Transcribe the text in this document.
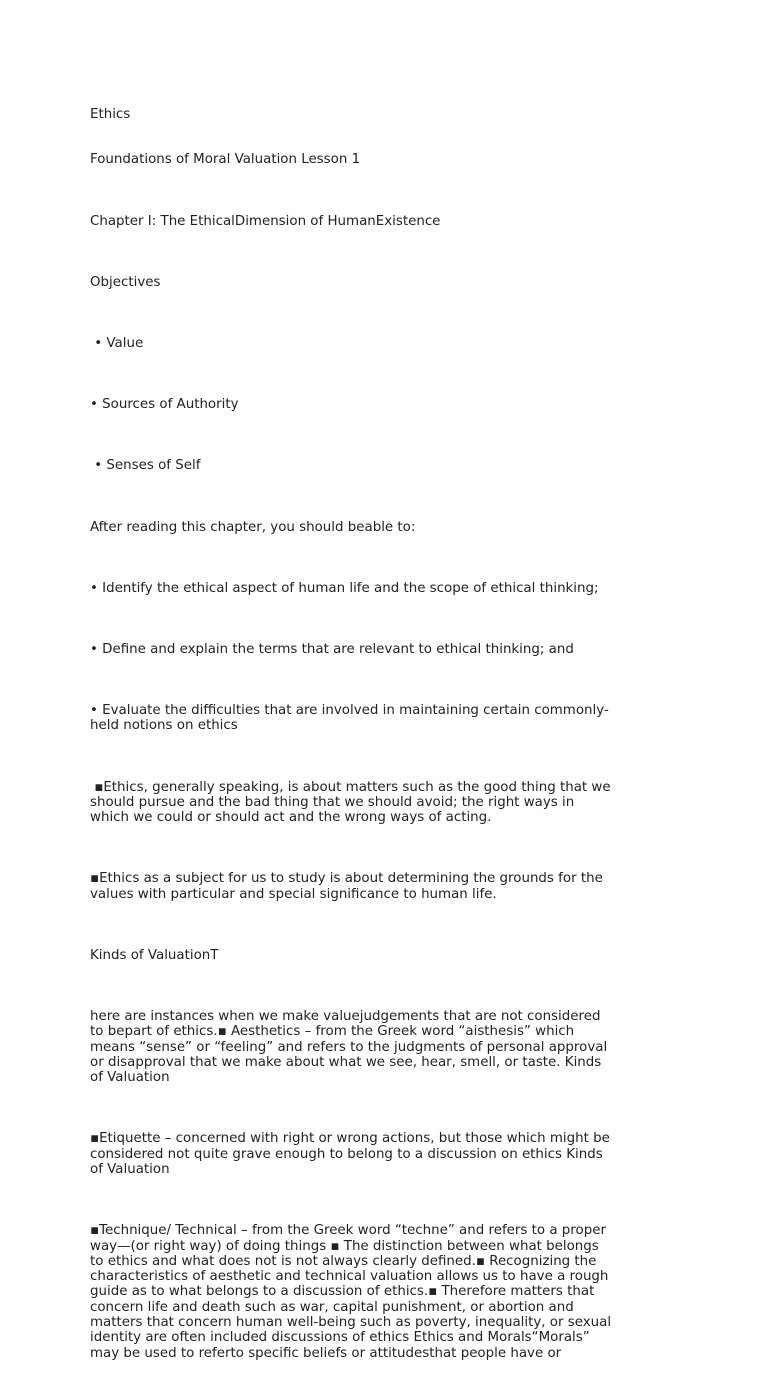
Ethics

Foundations of Moral Valuation Lesson 1

Chapter I: The EthicalDimension of HumanExistence

Objectives

• Value

• Sources of Authority

• Senses of Self

After reading this chapter, you should beable to:

• Identify the ethical aspect of human life and the scope of ethical thinking;

• Define and explain the terms that are relevant to ethical thinking; and

• Evaluate the difficulties that are involved in maintaining certain commonly-
held notions on ethics

▪Ethics, generally speaking, is about matters such as the good thing that we
should pursue and the bad thing that we should avoid; the right ways in
which we could or should act and the wrong ways of acting.

▪Ethics as a subject for us to study is about determining the grounds for the
values with particular and special significance to human life.

Kinds of ValuationT

here are instances when we make valuejudgements that are not considered
to bepart of ethics.▪ Aesthetics – from the Greek word “aisthesis” which
means “sense” or “feeling” and refers to the judgments of personal approval
or disapproval that we make about what we see, hear, smell, or taste. Kinds
of Valuation

▪Etiquette – concerned with right or wrong actions, but those which might be
considered not quite grave enough to belong to a discussion on ethics Kinds
of Valuation

▪Technique/ Technical – from the Greek word “techne” and refers to a proper
way—(or right way) of doing things ▪ The distinction between what belongs
to ethics and what does not is not always clearly defined.▪ Recognizing the
characteristics of aesthetic and technical valuation allows us to have a rough
guide as to what belongs to a discussion of ethics.▪ Therefore matters that
concern life and death such as war, capital punishment, or abortion and
matters that concern human well-being such as poverty, inequality, or sexual
identity are often included discussions of ethics Ethics and Morals“Morals”
may be used to referto specific beliefs or attitudesthat people have or
